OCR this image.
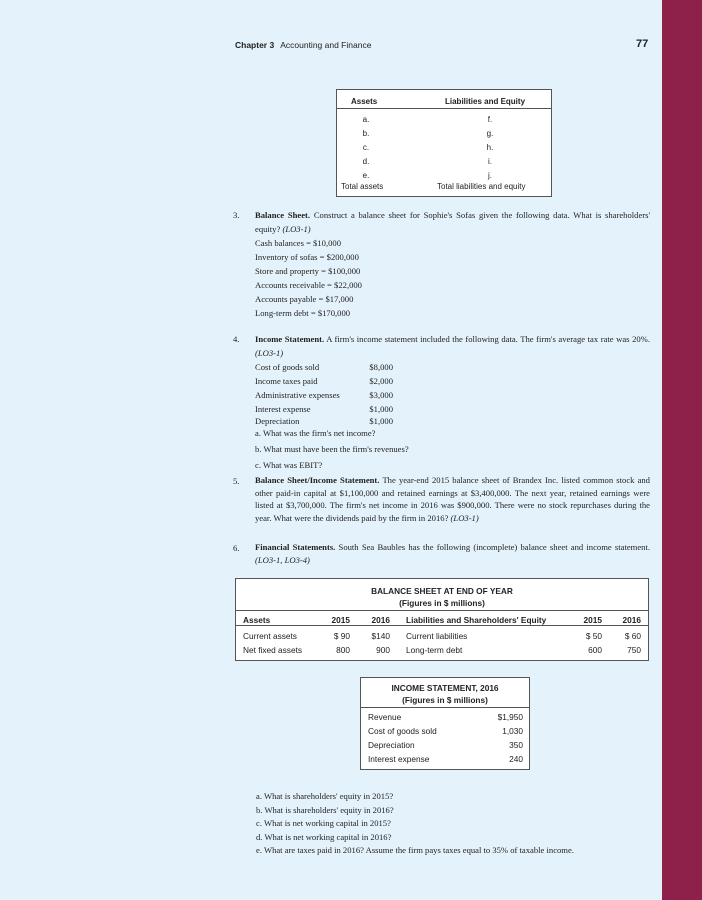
Chapter 3 Accounting and Finance	77
Assets	Liabilities and Equity
a.	f.
b.	g.
c.	h.
d.	i.
e.	j.
Total assets	Total liabilities and equity
3. Balance Sheet. Construct a balance sheet for Sophie's Sofas given the following data. What is shareholders' equity? (LO3-1)
Cash balances = $10,000
Inventory of sofas = $200,000
Store and property = $100,000
Accounts receivable = $22,000
Accounts payable = $17,000
Long-term debt = $170,000
4. Income Statement. A firm's income statement included the following data. The firm's average tax rate was 20%. (LO3-1)
Cost of goods sold	$8,000
Income taxes paid	$2,000
Administrative expenses	$3,000
Interest expense	$1,000
Depreciation	$1,000
a. What was the firm's net income?
b. What must have been the firm's revenues?
c. What was EBIT?
5. Balance Sheet/Income Statement. The year-end 2015 balance sheet of Brandex Inc. listed common stock and other paid-in capital at $1,100,000 and retained earnings at $3,400,000. The next year, retained earnings were listed at $3,700,000. The firm's net income in 2016 was $900,000. There were no stock repurchases during the year. What were the dividends paid by the firm in 2016? (LO3-1)
6. Financial Statements. South Sea Baubles has the following (incomplete) balance sheet and income statement. (LO3-1, LO3-4)
BALANCE SHEET AT END OF YEAR
(Figures in $ millions)
Assets	2015	2016 Liabilities and Shareholders' Equity	2015	2016
Current assets	$ 90	$140 Current liabilities	$ 50	$ 60
Net fixed assets	800	900 Long-term debt	600	750
INCOME STATEMENT, 2016
(Figures in $ millions)
Revenue	$1,950
Cost of goods sold	1,030
Depreciation	350
Interest expense	240
a. What is shareholders' equity in 2015?
b. What is shareholders' equity in 2016?
c. What is net working capital in 2015?
d. What is net working capital in 2016?
e. What are taxes paid in 2016? Assume the firm pays taxes equal to 35% of taxable income.
